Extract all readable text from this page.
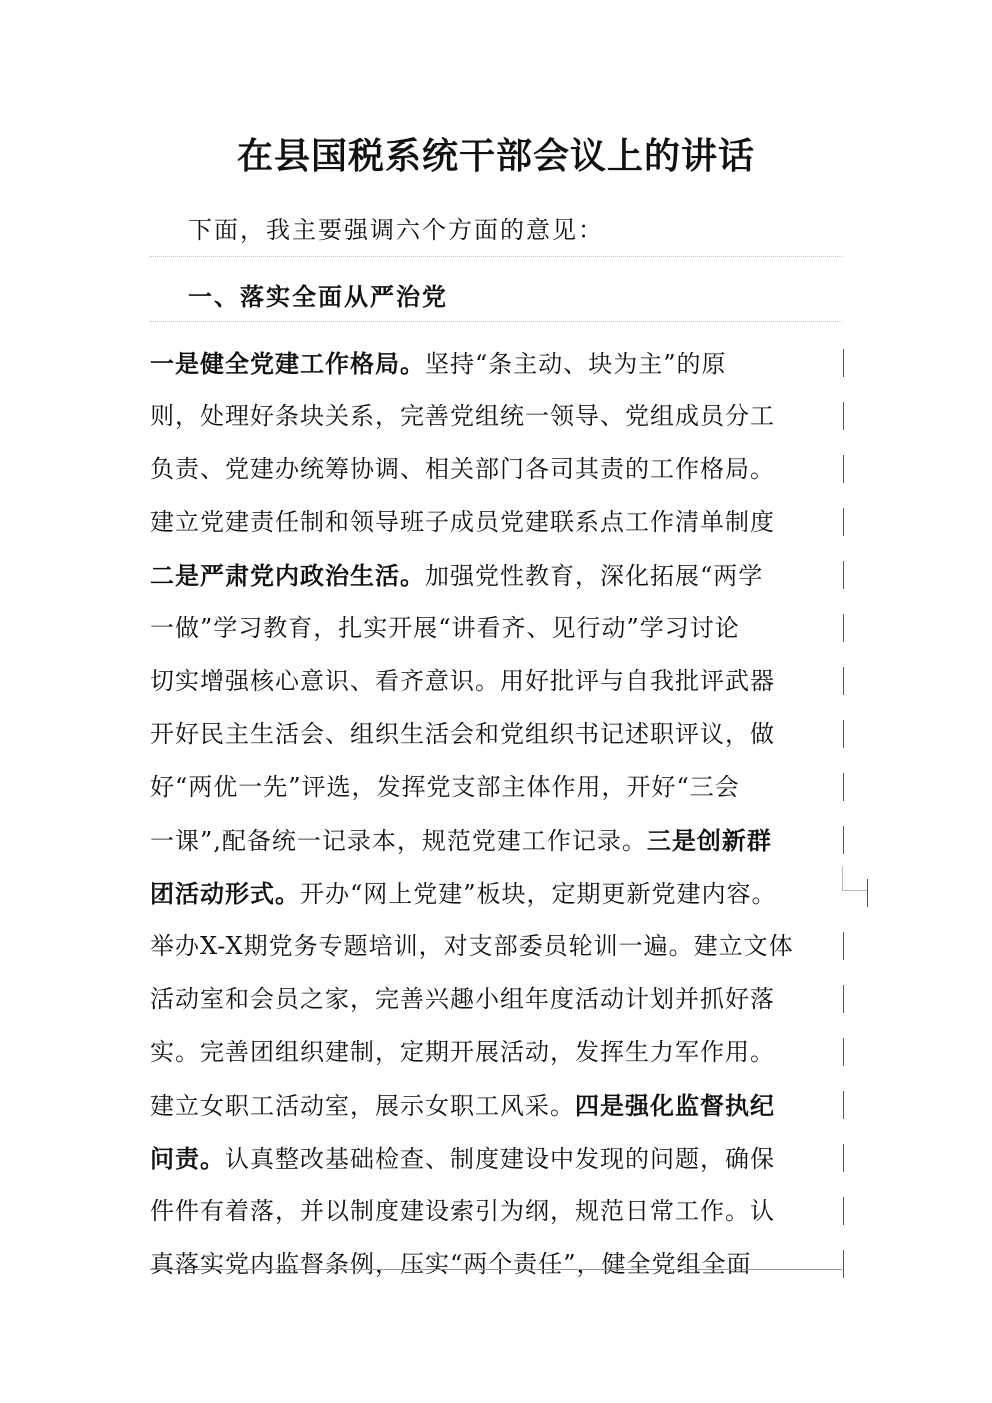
在县国税系统干部会议上的讲话

下面，我主要强调六个方面的意见：

一、落实全面从严治党

一是健全党建工作格局。坚持“条主动、块为主”的原
则，处理好条块关系，完善党组统一领导、党组成员分工
负责、党建办统筹协调、相关部门各司其责的工作格局。
建立党建责任制和领导班子成员党建联系点工作清单制度
二是严肃党内政治生活。加强党性教育，深化拓展“两学
一做”学习教育，扎实开展“讲看齐、见行动”学习讨论
切实增强核心意识、看齐意识。用好批评与自我批评武器
开好民主生活会、组织生活会和党组织书记述职评议，做
好“两优一先”评选，发挥党支部主体作用，开好“三会
一课”,配备统一记录本，规范党建工作记录。三是创新群
团活动形式。开办“网上党建”板块，定期更新党建内容。
举办X-X期党务专题培训，对支部委员轮训一遍。建立文体
活动室和会员之家，完善兴趣小组年度活动计划并抓好落
实。完善团组织建制，定期开展活动，发挥生力军作用。
建立女职工活动室，展示女职工风采。四是强化监督执纪
问责。认真整改基础检查、制度建设中发现的问题，确保
件件有着落，并以制度建设索引为纲，规范日常工作。认
真落实党内监督条例，压实“两个责任”，健全党组全面
